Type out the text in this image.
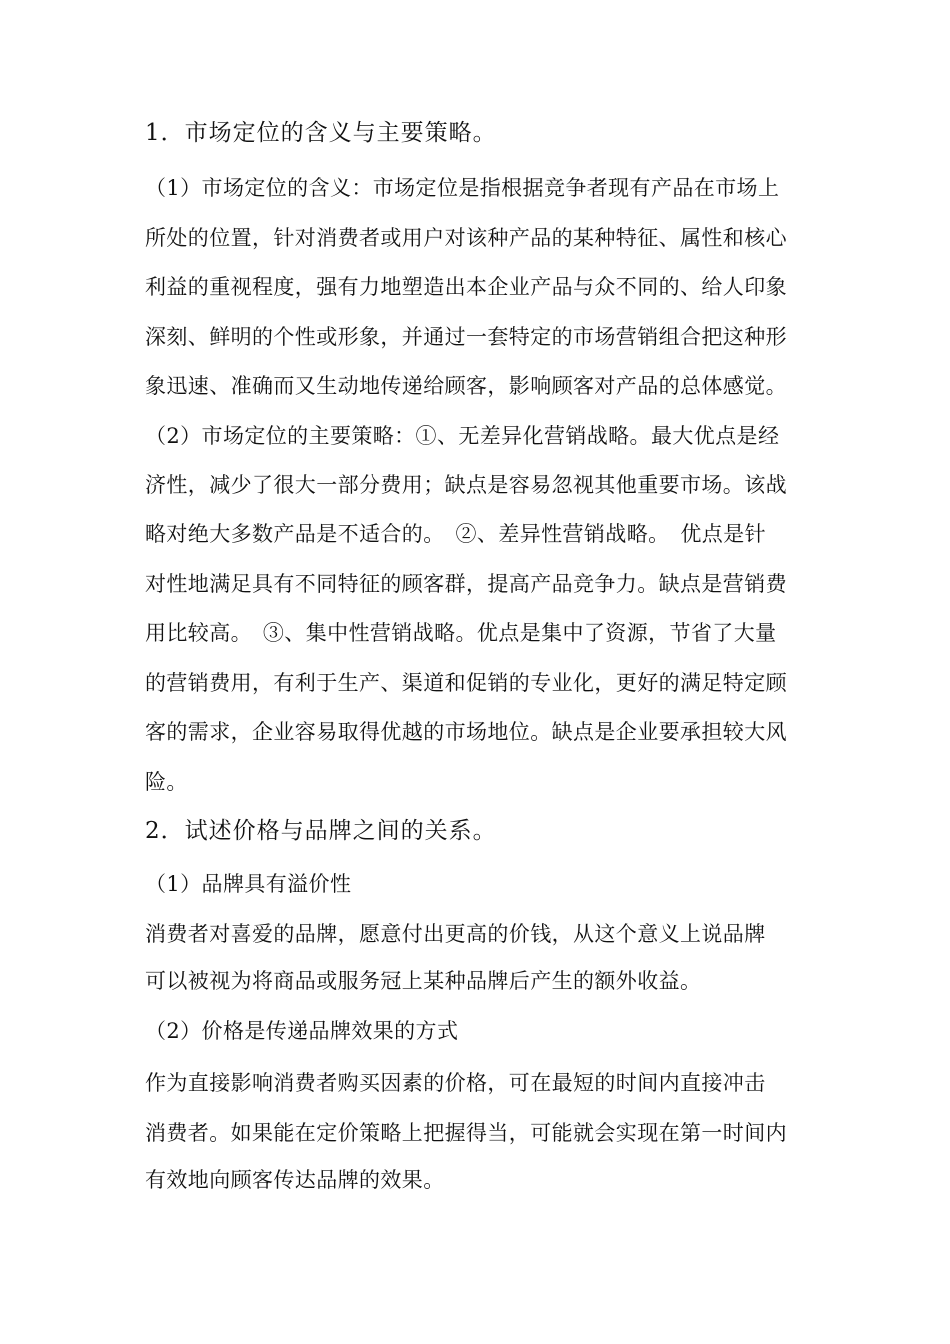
1．市场定位的含义与主要策略。
（1）市场定位的含义：市场定位是指根据竞争者现有产品在市场上
所处的位置，针对消费者或用户对该种产品的某种特征、属性和核心
利益的重视程度，强有力地塑造出本企业产品与众不同的、给人印象
深刻、鲜明的个性或形象，并通过一套特定的市场营销组合把这种形
象迅速、准确而又生动地传递给顾客，影响顾客对产品的总体感觉。
（2）市场定位的主要策略：①、无差异化营销战略。最大优点是经
济性，减少了很大一部分费用；缺点是容易忽视其他重要市场。该战
略对绝大多数产品是不适合的。　②、差异性营销战略。　优点是针
对性地满足具有不同特征的顾客群，提高产品竞争力。缺点是营销费
用比较高。　③、集中性营销战略。优点是集中了资源，节省了大量
的营销费用，有利于生产、渠道和促销的专业化，更好的满足特定顾
客的需求，企业容易取得优越的市场地位。缺点是企业要承担较大风
险。
2．试述价格与品牌之间的关系。
（1）品牌具有溢价性
消费者对喜爱的品牌，愿意付出更高的价钱，从这个意义上说品牌
可以被视为将商品或服务冠上某种品牌后产生的额外收益。
（2）价格是传递品牌效果的方式
作为直接影响消费者购买因素的价格，可在最短的时间内直接冲击
消费者。如果能在定价策略上把握得当，可能就会实现在第一时间内
有效地向顾客传达品牌的效果。
